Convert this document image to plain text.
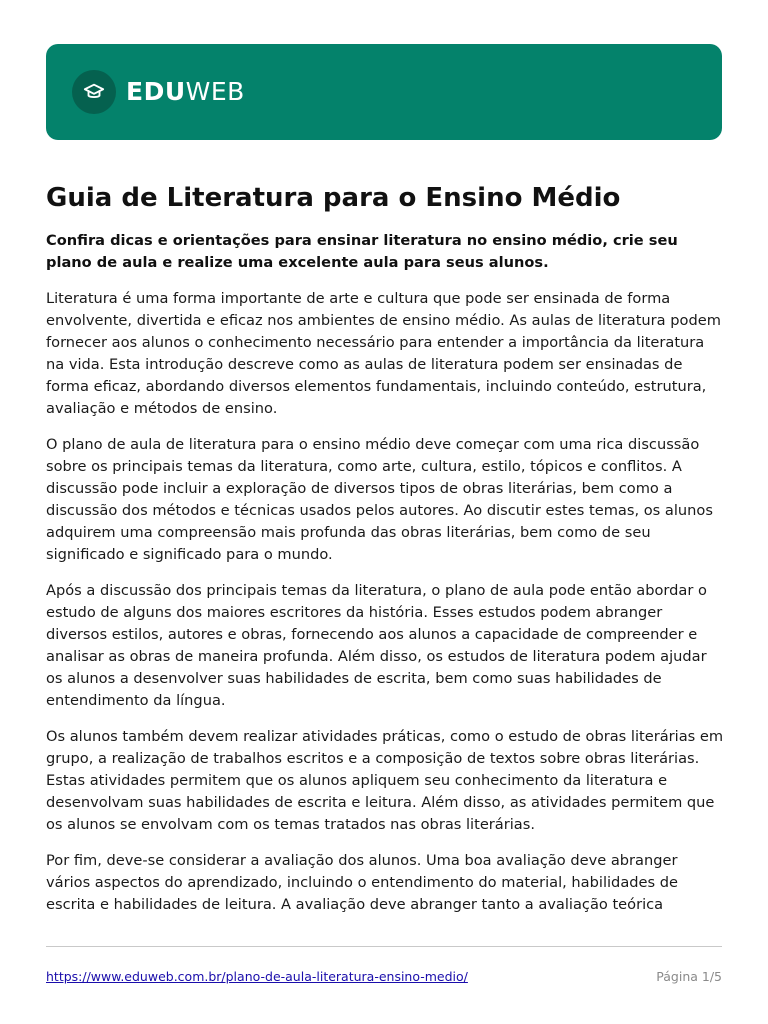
EDUWEB
Guia de Literatura para o Ensino Médio

Confira dicas e orientações para ensinar literatura no ensino médio, crie seu plano de aula e realize uma excelente aula para seus alunos.

Literatura é uma forma importante de arte e cultura que pode ser ensinada de forma envolvente, divertida e eficaz nos ambientes de ensino médio. As aulas de literatura podem fornecer aos alunos o conhecimento necessário para entender a importância da literatura na vida. Esta introdução descreve como as aulas de literatura podem ser ensinadas de forma eficaz, abordando diversos elementos fundamentais, incluindo conteúdo, estrutura, avaliação e métodos de ensino.

O plano de aula de literatura para o ensino médio deve começar com uma rica discussão sobre os principais temas da literatura, como arte, cultura, estilo, tópicos e conflitos. A discussão pode incluir a exploração de diversos tipos de obras literárias, bem como a discussão dos métodos e técnicas usados pelos autores. Ao discutir estes temas, os alunos adquirem uma compreensão mais profunda das obras literárias, bem como de seu significado e significado para o mundo.

Após a discussão dos principais temas da literatura, o plano de aula pode então abordar o estudo de alguns dos maiores escritores da história. Esses estudos podem abranger diversos estilos, autores e obras, fornecendo aos alunos a capacidade de compreender e analisar as obras de maneira profunda. Além disso, os estudos de literatura podem ajudar os alunos a desenvolver suas habilidades de escrita, bem como suas habilidades de entendimento da língua.

Os alunos também devem realizar atividades práticas, como o estudo de obras literárias em grupo, a realização de trabalhos escritos e a composição de textos sobre obras literárias. Estas atividades permitem que os alunos apliquem seu conhecimento da literatura e desenvolvam suas habilidades de escrita e leitura. Além disso, as atividades permitem que os alunos se envolvam com os temas tratados nas obras literárias.

Por fim, deve-se considerar a avaliação dos alunos. Uma boa avaliação deve abranger vários aspectos do aprendizado, incluindo o entendimento do material, habilidades de escrita e habilidades de leitura. A avaliação deve abranger tanto a avaliação teórica

https://www.eduweb.com.br/plano-de-aula-literatura-ensino-medio/	Página 1/5
